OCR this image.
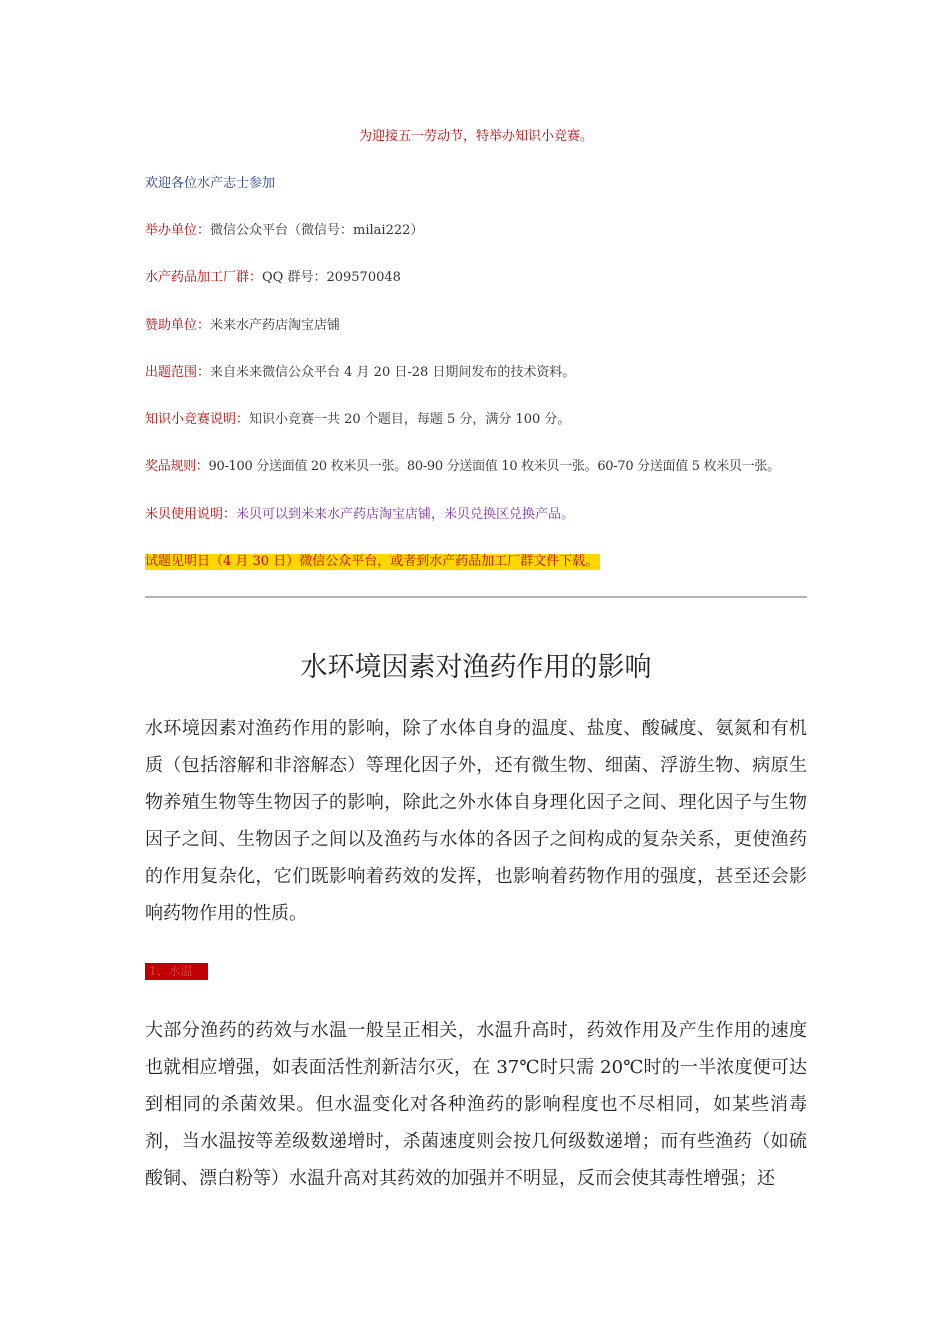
为迎接五一劳动节，特举办知识小竞赛。
欢迎各位水产志士参加
举办单位：微信公众平台（微信号：milai222）
水产药品加工厂群：QQ 群号：209570048
赞助单位：米来水产药店淘宝店铺
出题范围：来自米来微信公众平台 4 月 20 日-28 日期间发布的技术资料。
知识小竞赛说明：知识小竞赛一共 20 个题目，每题 5 分，满分 100 分。
奖品规则：90-100 分送面值 20 枚米贝一张。80-90 分送面值 10 枚米贝一张。60-70 分送面值 5 枚米贝一张。
米贝使用说明：米贝可以到米来水产药店淘宝店铺，米贝兑换区兑换产品。
试题见明日（4 月 30 日）微信公众平台，或者到水产药品加工厂群文件下载。
水环境因素对渔药作用的影响
水环境因素对渔药作用的影响，除了水体自身的温度、盐度、酸碱度、氨氮和有机质（包括溶解和非溶解态）等理化因子外，还有微生物、细菌、浮游生物、病原生物养殖生物等生物因子的影响，除此之外水体自身理化因子之间、理化因子与生物因子之间、生物因子之间以及渔药与水体的各因子之间构成的复杂关系，更使渔药的作用复杂化，它们既影响着药效的发挥，也影响着药物作用的强度，甚至还会影响药物作用的性质。
1、水温
大部分渔药的药效与水温一般呈正相关，水温升高时，药效作用及产生作用的速度也就相应增强，如表面活性剂新洁尔灭，在 37℃时只需 20℃时的一半浓度便可达到相同的杀菌效果。但水温变化对各种渔药的影响程度也不尽相同，如某些消毒剂，当水温按等差级数递增时，杀菌速度则会按几何级数递增；而有些渔药（如硫酸铜、漂白粉等）水温升高对其药效的加强并不明显，反而会使其毒性增强；还
